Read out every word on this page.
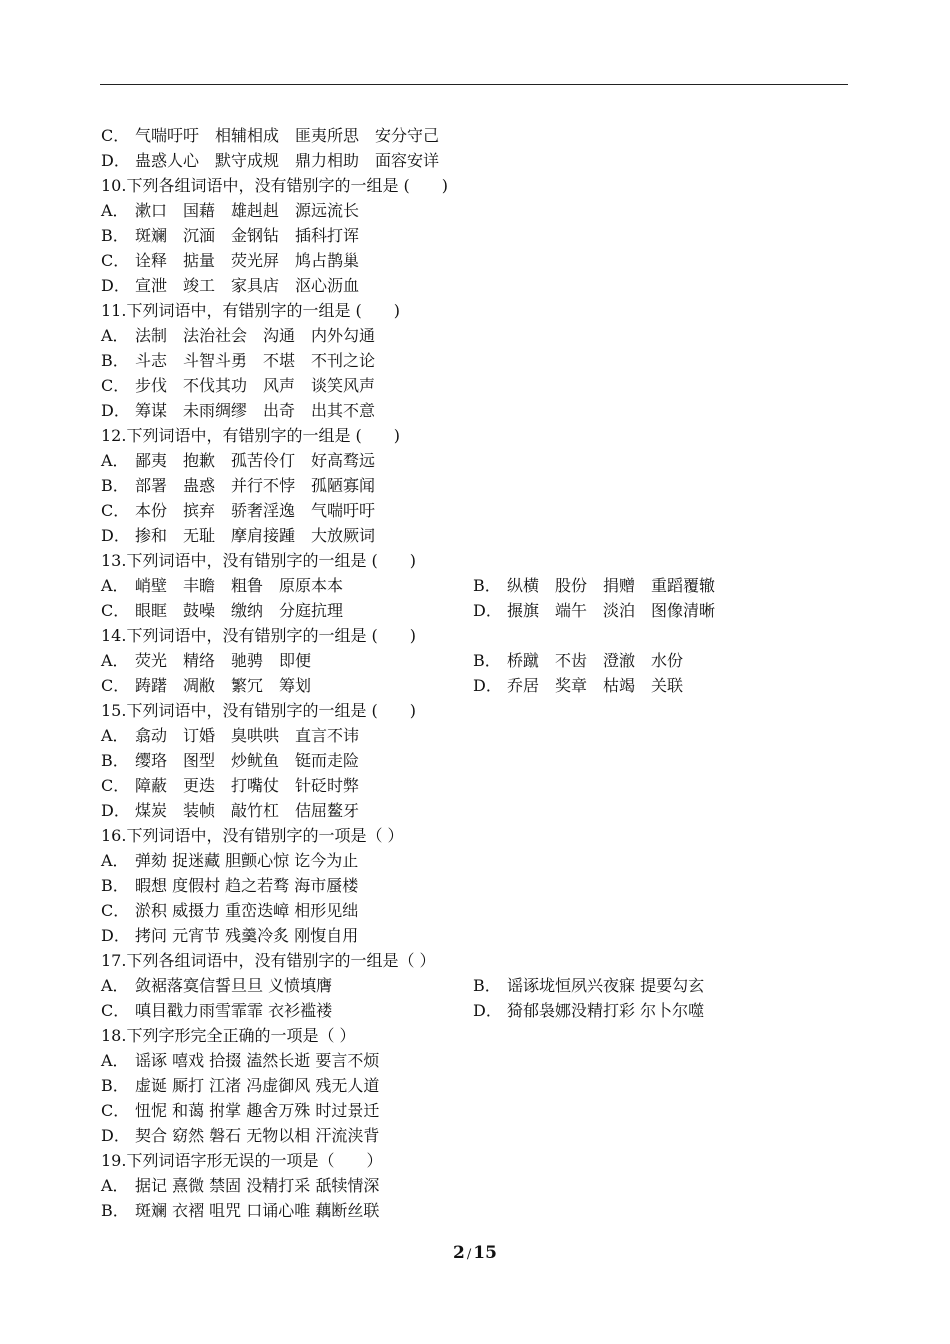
C． 气喘吁吁　相辅相成　匪夷所思　安分守己
D． 蛊惑人心　默守成规　鼎力相助　面容安详
10.下列各组词语中，没有错别字的一组是 (　　)
A． 漱口　国藉　雄赳赳　源远流长
B． 斑斓　沉湎　金钢钻　插科打诨
C． 诠释　掂量　荧光屏　鸠占鹊巢
D． 宣泄　竣工　家具店　沤心沥血
11.下列词语中，有错别字的一组是 (　　)
A． 法制　法治社会　沟通　内外勾通
B． 斗志　斗智斗勇　不堪　不刊之论
C． 步伐　不伐其功　风声　谈笑风声
D． 筹谋　未雨绸缪　出奇　出其不意
12.下列词语中，有错别字的一组是 (　　)
A． 鄙夷　抱歉　孤苦伶仃　好高骛远
B． 部署　蛊惑　并行不悖　孤陋寡闻
C． 本份　摈弃　骄奢淫逸　气喘吁吁
D． 掺和　无耻　摩肩接踵　大放厥词
13.下列词语中，没有错别字的一组是 (　　)
A． 峭壁　丰瞻　粗鲁　原原本本	B． 纵横　股份　捐赠　重蹈覆辙
C． 眼眶　鼓噪　缴纳　分庭抗理	D． 搌旗　端午　淡泊　图像清晰
14.下列词语中，没有错别字的一组是 (　　)
A． 荧光　精络　驰骋　即便	B． 桥蹴　不齿　澄澈　水份
C． 踌躇　凋敝　繁冗　筹划	D． 乔居　奖章　枯竭　关联
15.下列词语中，没有错别字的一组是 (　　)
A． 翕动　订婚　臭哄哄　直言不讳
B． 缨珞　图型　炒鱿鱼　铤而走险
C． 障蔽　更迭　打嘴仗　针砭时弊
D． 煤炭　装帧　敲竹杠　佶屈鳌牙
16.下列词语中，没有错别字的一项是（ ）
A． 弹劾 捉迷藏 胆颤心惊 讫今为止
B． 暇想 度假村 趋之若骛 海市蜃楼
C． 淤积 威摄力 重峦迭嶂 相形见绌
D． 拷问 元宵节 残羹冷炙 刚愎自用
17.下列各组词语中，没有错别字的一组是（ ）
A． 敛裾落寞信誓旦旦 义愤填膺	B． 谣诼垅恒夙兴夜寐 提要勾玄
C． 嗔目戳力雨雪霏霏 衣衫褴褛	D． 猗郁袅娜没精打彩 尔卜尔噬
18.下列字形完全正确的一项是（ ）
A． 谣诼 嘻戏 拾掇 溘然长逝 要言不烦
B． 虚诞 厮打 江渚 冯虚御风 残无人道
C． 忸怩 和蔼 拊掌 趣舍万殊 时过景迁
D． 契合 窈然 磐石 无物以相 汗流浃背
19.下列词语字形无误的一项是（　　）
A． 据记 熹微 禁固 没精打采 舐犊情深
B． 斑斓 衣褶 咀咒 口诵心唯 藕断丝联
2 / 15
